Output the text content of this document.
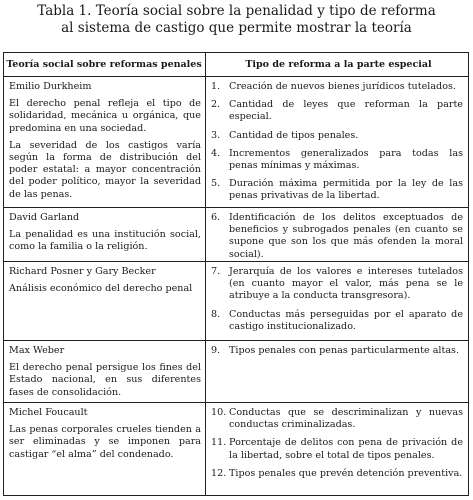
Tabla 1. Teoría social sobre la penalidad y tipo de reforma
al sistema de castigo que permite mostrar la teoría
Teoría social sobre reformas penales	Tipo de reforma a la parte especial
Emilio Durkheim
El derecho penal refleja el tipo de solidaridad, mecánica u orgánica, que predomina en una sociedad.
La severidad de los castigos varía según la forma de distribución del poder estatal: a mayor concentración del poder político, mayor la severidad de las penas.
1. Creación de nuevos bienes jurídicos tutelados.
2. Cantidad de leyes que reforman la parte especial.
3. Cantidad de tipos penales.
4. Incrementos generalizados para todas las penas mínimas y máximas.
5. Duración máxima permitida por la ley de las penas privativas de la libertad.
David Garland
La penalidad es una institución social, como la familia o la religión.
6. Identificación de los delitos exceptuados de beneficios y subrogados penales (en cuanto se supone que son los que más ofenden la moral social).
Richard Posner y Gary Becker
Análisis económico del derecho penal
7. Jerarquía de los valores e intereses tutelados (en cuanto mayor el valor, más pena se le atribuye a la conducta transgresora).
8. Conductas más perseguidas por el aparato de castigo institucionalizado.
Max Weber
El derecho penal persigue los fines del Estado nacional, en sus diferentes fases de consolidación.
9. Tipos penales con penas particularmente altas.
Michel Foucault
Las penas corporales crueles tienden a ser eliminadas y se imponen para castigar “el alma” del condenado.
10. Conductas que se descriminalizan y nuevas conductas criminalizadas.
11. Porcentaje de delitos con pena de privación de la libertad, sobre el total de tipos penales.
12. Tipos penales que prevén detención preventiva.
